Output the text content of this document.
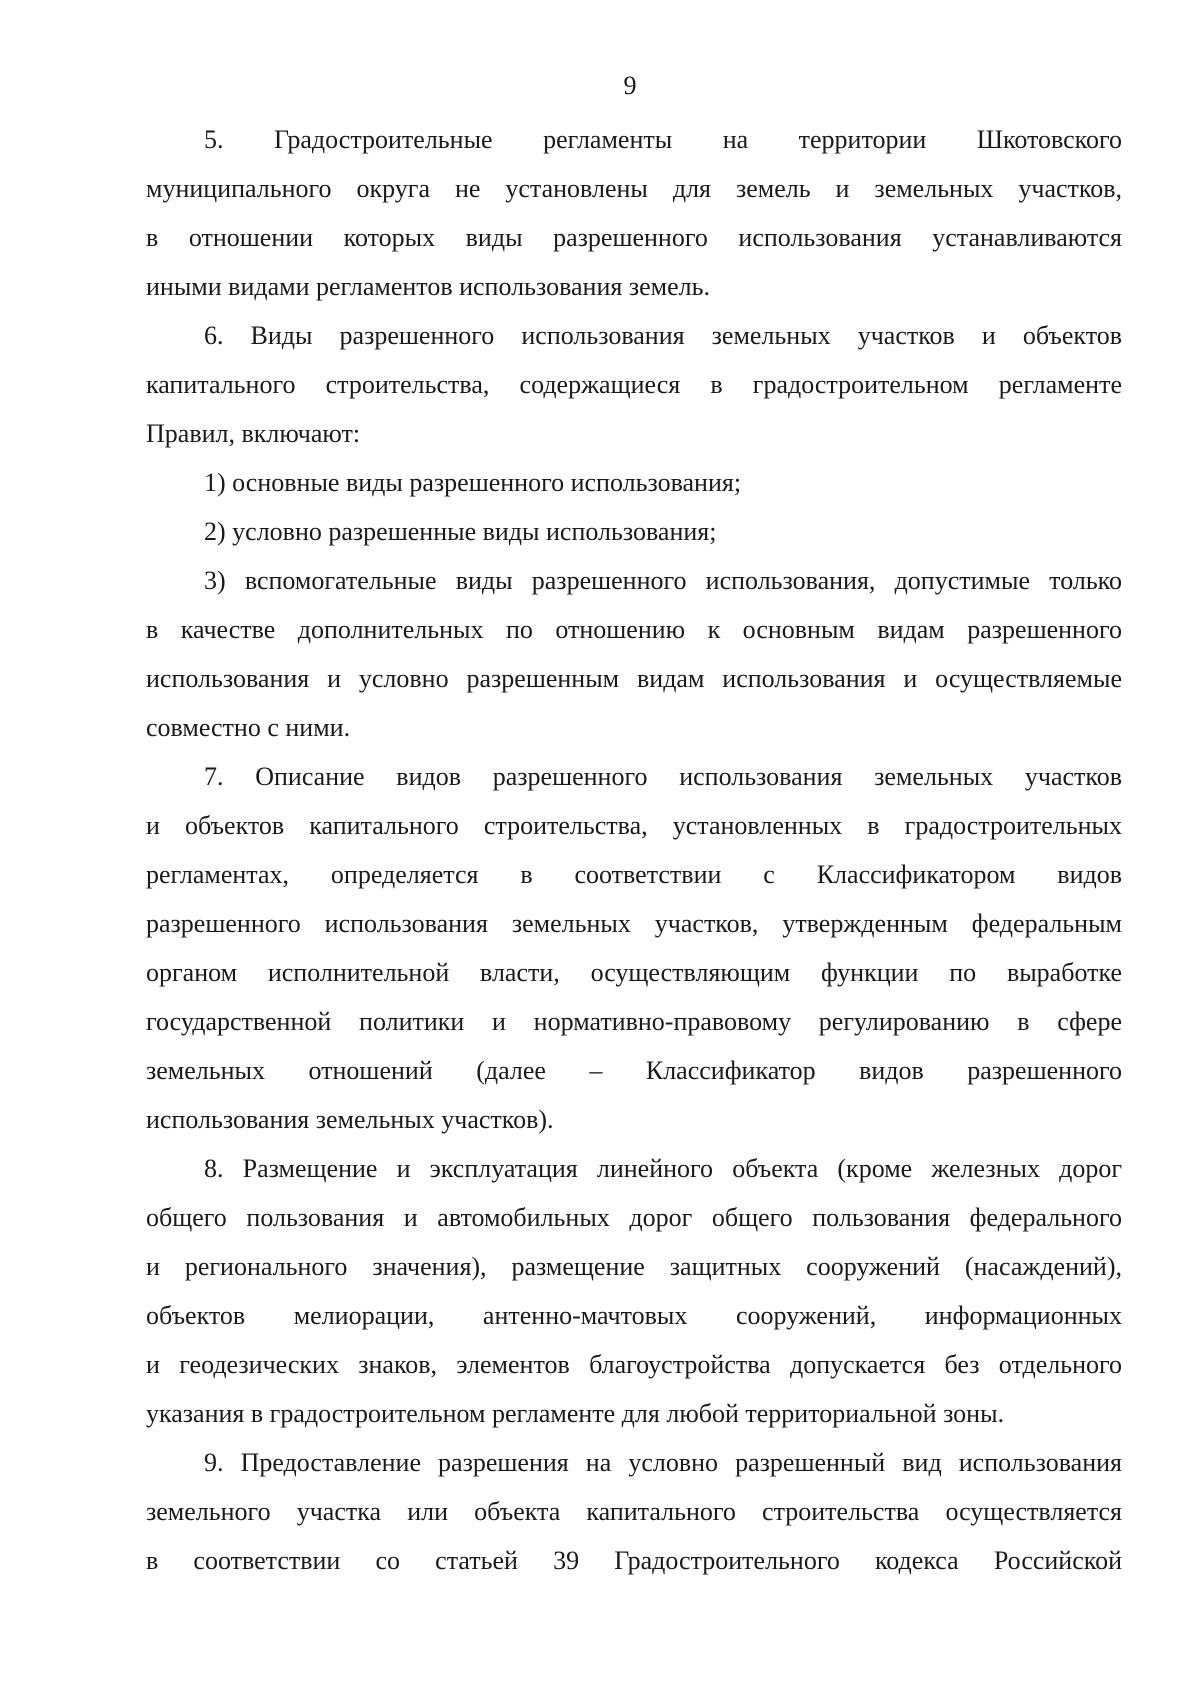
9
5. Градостроительные регламенты на территории Шкотовского
муниципального округа не установлены для земель и земельных участков,
в отношении которых виды разрешенного использования устанавливаются
иными видами регламентов использования земель.
6. Виды разрешенного использования земельных участков и объектов
капитального строительства, содержащиеся в градостроительном регламенте
Правил, включают:
1) основные виды разрешенного использования;
2) условно разрешенные виды использования;
3) вспомогательные виды разрешенного использования, допустимые только
в качестве дополнительных по отношению к основным видам разрешенного
использования и условно разрешенным видам использования и осуществляемые
совместно с ними.
7. Описание видов разрешенного использования земельных участков
и объектов капитального строительства, установленных в градостроительных
регламентах, определяется в соответствии с Классификатором видов
разрешенного использования земельных участков, утвержденным федеральным
органом исполнительной власти, осуществляющим функции по выработке
государственной политики и нормативно-правовому регулированию в сфере
земельных отношений (далее – Классификатор видов разрешенного
использования земельных участков).
8. Размещение и эксплуатация линейного объекта (кроме железных дорог
общего пользования и автомобильных дорог общего пользования федерального
и регионального значения), размещение защитных сооружений (насаждений),
объектов мелиорации, антенно-мачтовых сооружений, информационных
и геодезических знаков, элементов благоустройства допускается без отдельного
указания в градостроительном регламенте для любой территориальной зоны.
9. Предоставление разрешения на условно разрешенный вид использования
земельного участка или объекта капитального строительства осуществляется
в соответствии со статьей 39 Градостроительного кодекса Российской
